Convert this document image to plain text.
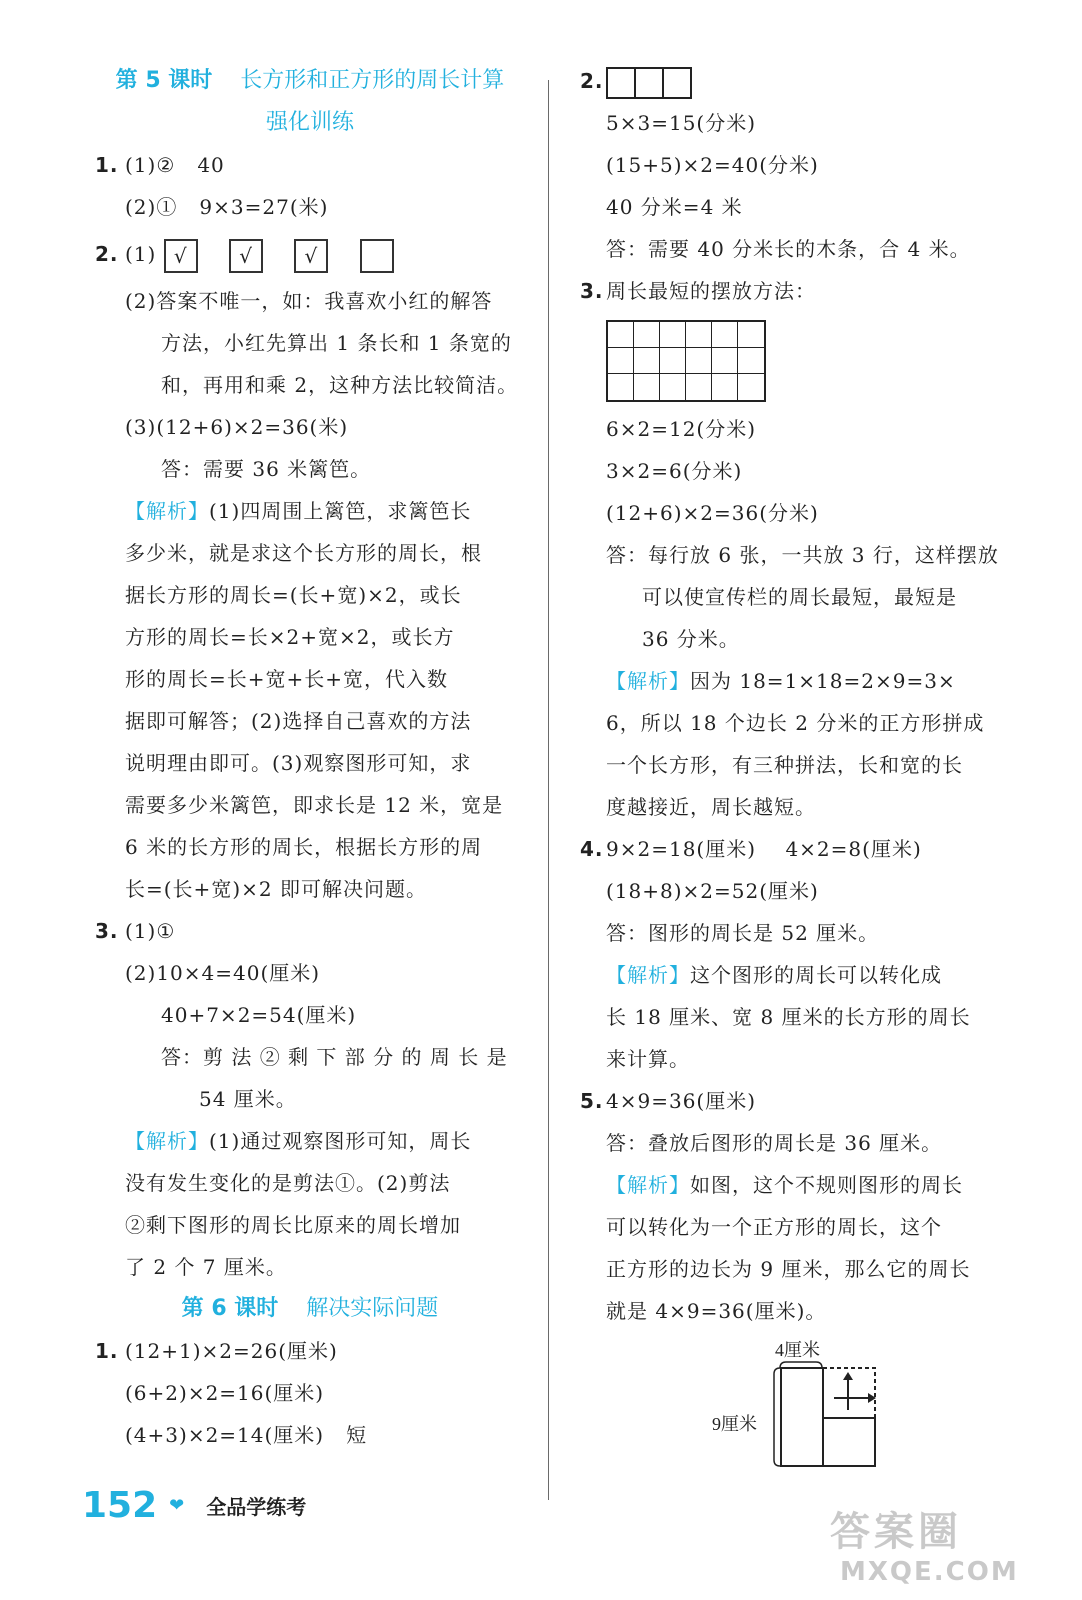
第 5 课时 长方形和正方形的周长计算
强化训练
1. (1)②   40
(2)①   9×3=27(米)
2. (1) √	√	√
(2)答案不唯一，如：我喜欢小红的解答
方法，小红先算出 1 条长和 1 条宽的
和，再用和乘 2，这种方法比较简洁。
(3)(12+6)×2=36(米)
答：需要 36 米篱笆。
【解析】(1)四周围上篱笆，求篱笆长
多少米，就是求这个长方形的周长，根
据长方形的周长=(长+宽)×2，或长
方形的周长=长×2+宽×2，或长方
形的周长=长+宽+长+宽，代入数
据即可解答；(2)选择自己喜欢的方法
说明理由即可。(3)观察图形可知，求
需要多少米篱笆，即求长是 12 米，宽是
6 米的长方形的周长，根据长方形的周
长=(长+宽)×2 即可解决问题。
3. (1)①
(2)10×4=40(厘米)
40+7×2=54(厘米)
答：剪 法 ② 剩 下 部 分 的 周 长 是
54 厘米。
【解析】(1)通过观察图形可知，周长
没有发生变化的是剪法①。(2)剪法
②剩下图形的周长比原来的周长增加
了 2 个 7 厘米。
第 6 课时 解决实际问题
1. (12+1)×2=26(厘米)
(6+2)×2=16(厘米)
(4+3)×2=14(厘米)   短
2.
5×3=15(分米)
(15+5)×2=40(分米)
40 分米=4 米
答：需要 40 分米长的木条，合 4 米。
3. 周长最短的摆放方法：
6×2=12(分米)
3×2=6(分米)
(12+6)×2=36(分米)
答：每行放 6 张，一共放 3 行，这样摆放
可以使宣传栏的周长最短，最短是
36 分米。
【解析】因为 18=1×18=2×9=3×
6，所以 18 个边长 2 分米的正方形拼成
一个长方形，有三种拼法，长和宽的长
度越接近，周长越短。
4. 9×2=18(厘米)    4×2=8(厘米)
(18+8)×2=52(厘米)
答：图形的周长是 52 厘米。
【解析】这个图形的周长可以转化成
长 18 厘米、宽 8 厘米的长方形的周长
来计算。
5. 4×9=36(厘米)
答：叠放后图形的周长是 36 厘米。
【解析】如图，这个不规则图形的周长
可以转化为一个正方形的周长，这个
正方形的边长为 9 厘米，那么它的周长
就是 4×9=36(厘米)。
4厘米
9厘米
152 ❤ 全品学练考
答案圈
MXQE.COM
